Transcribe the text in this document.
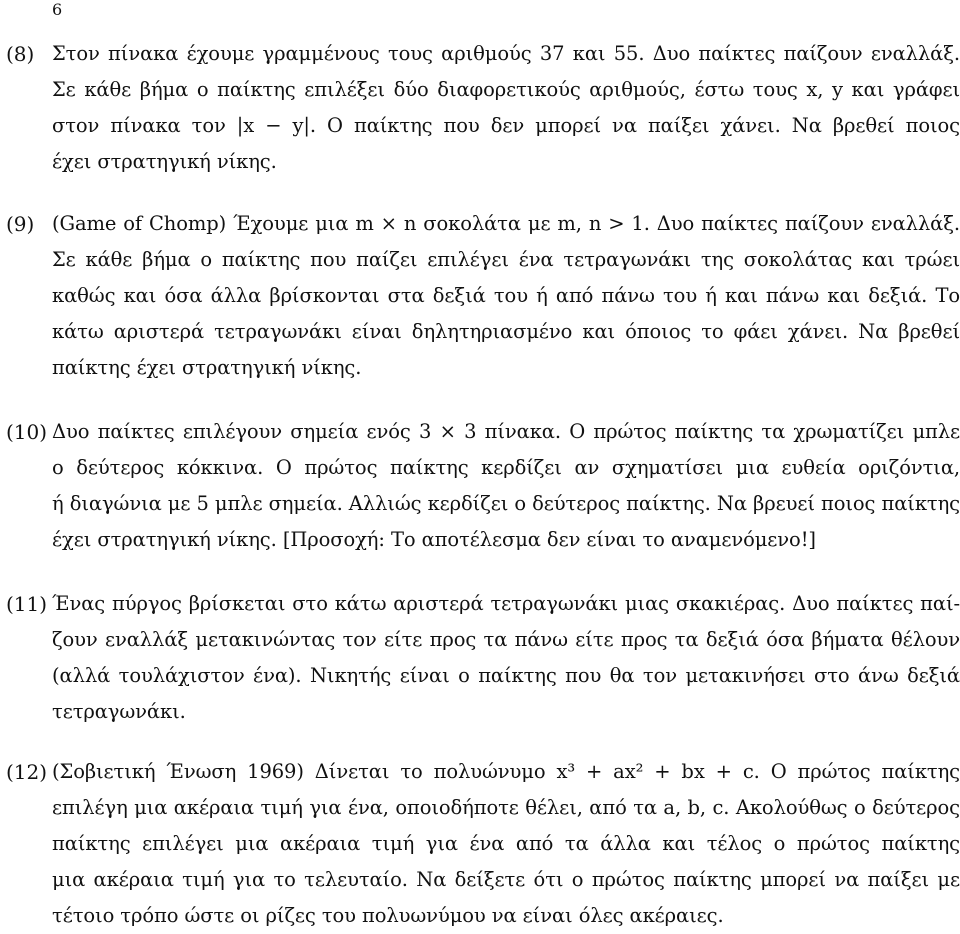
6
(8) Στον πίνακα έχουμε γραμμένους τους αριθμούς 37 και 55. Δυο παίκτες παίζουν εναλλάξ.
Σε κάθε βήμα ο παίκτης επιλέξει δύο διαφορετικούς αριθμούς, έστω τους x, y και γράφει
στον πίνακα τον |x − y|. Ο παίκτης που δεν μπορεί να παίξει χάνει. Να βρεθεί ποιος
έχει στρατηγική νίκης.
(9) (Game of Chomp) Έχουμε μια m × n σοκολάτα με m, n > 1. Δυο παίκτες παίζουν εναλλάξ.
Σε κάθε βήμα ο παίκτης που παίζει επιλέγει ένα τετραγωνάκι της σοκολάτας και τρώει
καθώς και όσα άλλα βρίσκονται στα δεξιά του ή από πάνω του ή και πάνω και δεξιά. Το
κάτω αριστερά τετραγωνάκι είναι δηλητηριασμένο και όποιος το φάει χάνει. Να βρεθεί
παίκτης έχει στρατηγική νίκης.
(10) Δυο παίκτες επιλέγουν σημεία ενός 3 × 3 πίνακα. Ο πρώτος παίκτης τα χρωματίζει μπλε
ο δεύτερος κόκκινα. Ο πρώτος παίκτης κερδίζει αν σχηματίσει μια ευθεία οριζόντια,
ή διαγώνια με 5 μπλε σημεία. Αλλιώς κερδίζει ο δεύτερος παίκτης. Να βρευεί ποιος παίκτης
έχει στρατηγική νίκης. [Προσοχή: Το αποτέλεσμα δεν είναι το αναμενόμενο!]
(11) Ένας πύργος βρίσκεται στο κάτω αριστερά τετραγωνάκι μιας σκακιέρας. Δυο παίκτες παί-
ζουν εναλλάξ μετακινώντας τον είτε προς τα πάνω είτε προς τα δεξιά όσα βήματα θέλουν
(αλλά τουλάχιστον ένα). Νικητής είναι ο παίκτης που θα τον μετακινήσει στο άνω δεξιά
τετραγωνάκι.
(12) (Σοβιετική Ένωση 1969) Δίνεται το πολυώνυμο x³ + ax² + bx + c. Ο πρώτος παίκτης
επιλέγη μια ακέραια τιμή για ένα, οποιοδήποτε θέλει, από τα a, b, c. Ακολούθως ο δεύτερος
παίκτης επιλέγει μια ακέραια τιμή για ένα από τα άλλα και τέλος ο πρώτος παίκτης
μια ακέραια τιμή για το τελευταίο. Να δείξετε ότι ο πρώτος παίκτης μπορεί να παίξει με
τέτοιο τρόπο ώστε οι ρίζες του πολυωνύμου να είναι όλες ακέραιες.
